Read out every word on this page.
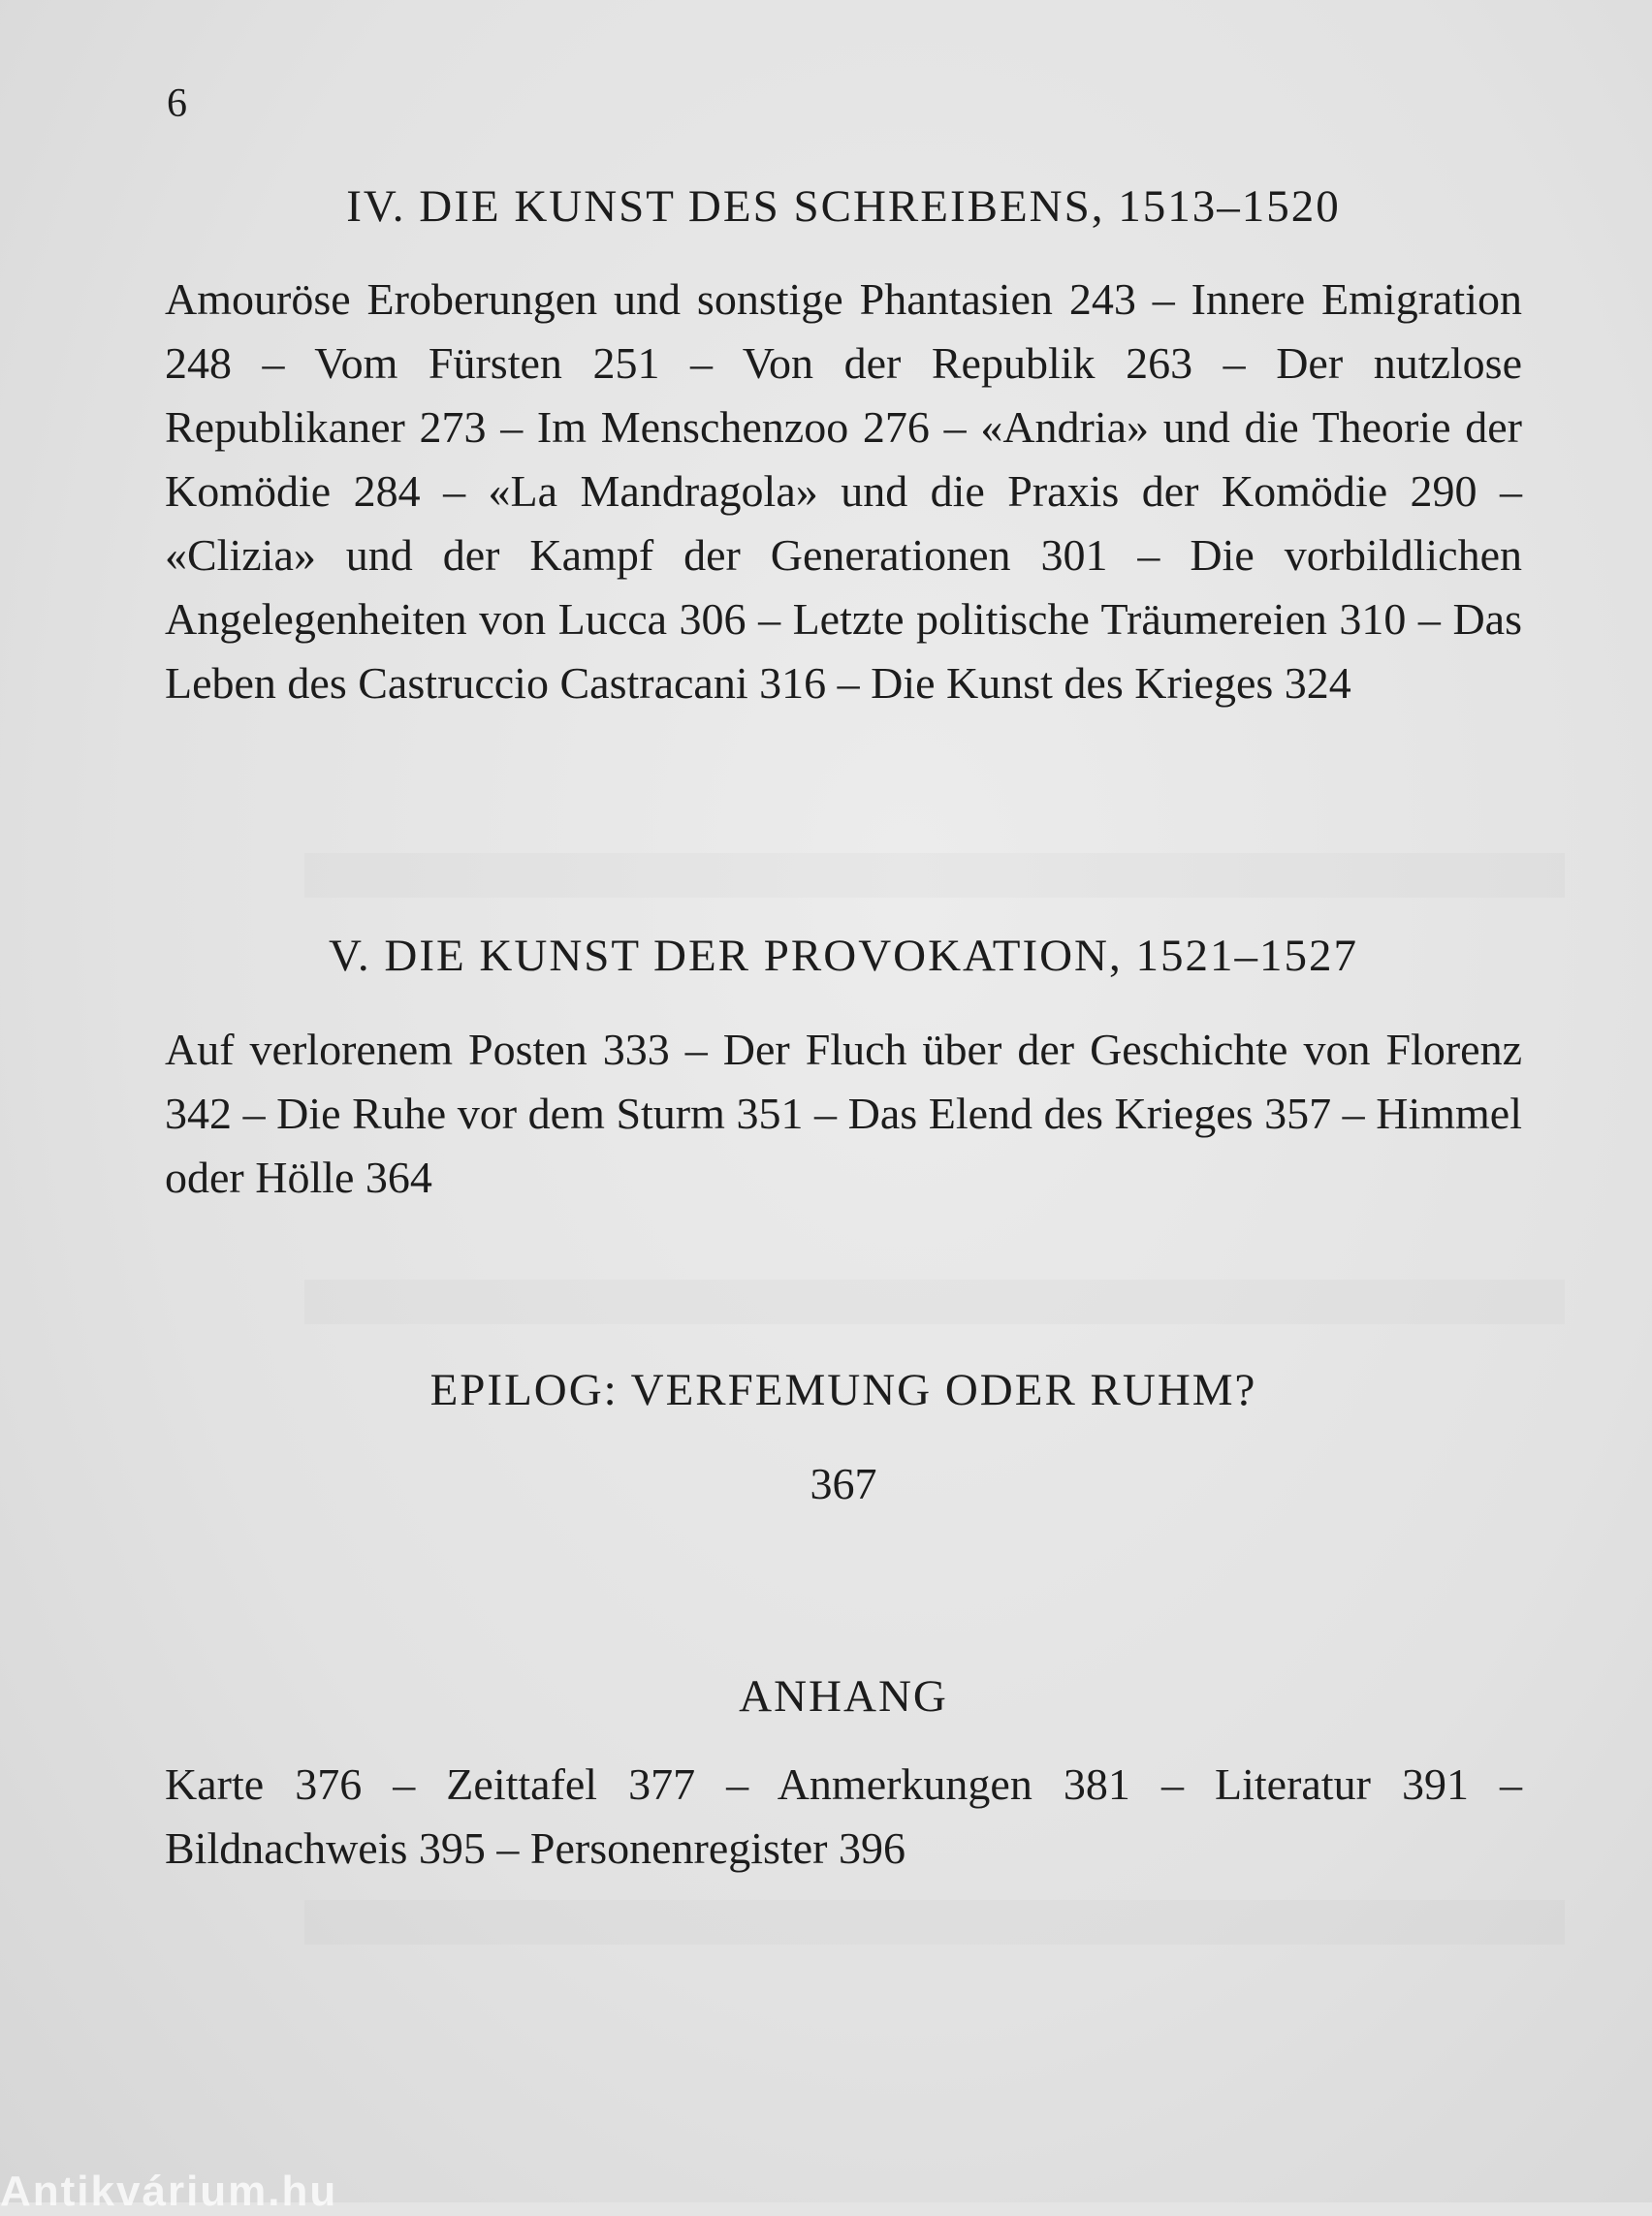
6
IV. DIE KUNST DES SCHREIBENS, 1513–1520
Amouröse Eroberungen und sonstige Phantasien 243 – Innere Emigration 248 – Vom Fürsten 251 – Von der Republik 263 – Der nutzlose Republikaner 273 – Im Menschenzoo 276 – «Andria» und die Theorie der Komödie 284 – «La Mandragola» und die Praxis der Komödie 290 – «Clizia» und der Kampf der Generationen 301 – Die vorbildlichen Angelegenheiten von Lucca 306 – Letzte politische Träumereien 310 – Das Leben des Castruccio Castracani 316 – Die Kunst des Krieges 324
V. DIE KUNST DER PROVOKATION, 1521–1527
Auf verlorenem Posten 333 – Der Fluch über der Geschichte von Florenz 342 – Die Ruhe vor dem Sturm 351 – Das Elend des Krieges 357 – Himmel oder Hölle 364
EPILOG: VERFEMUNG ODER RUHM?
367
ANHANG
Karte 376 – Zeittafel 377 – Anmerkungen 381 – Literatur 391 – Bildnachweis 395 – Personenregister 396
Antikvárium.hu
